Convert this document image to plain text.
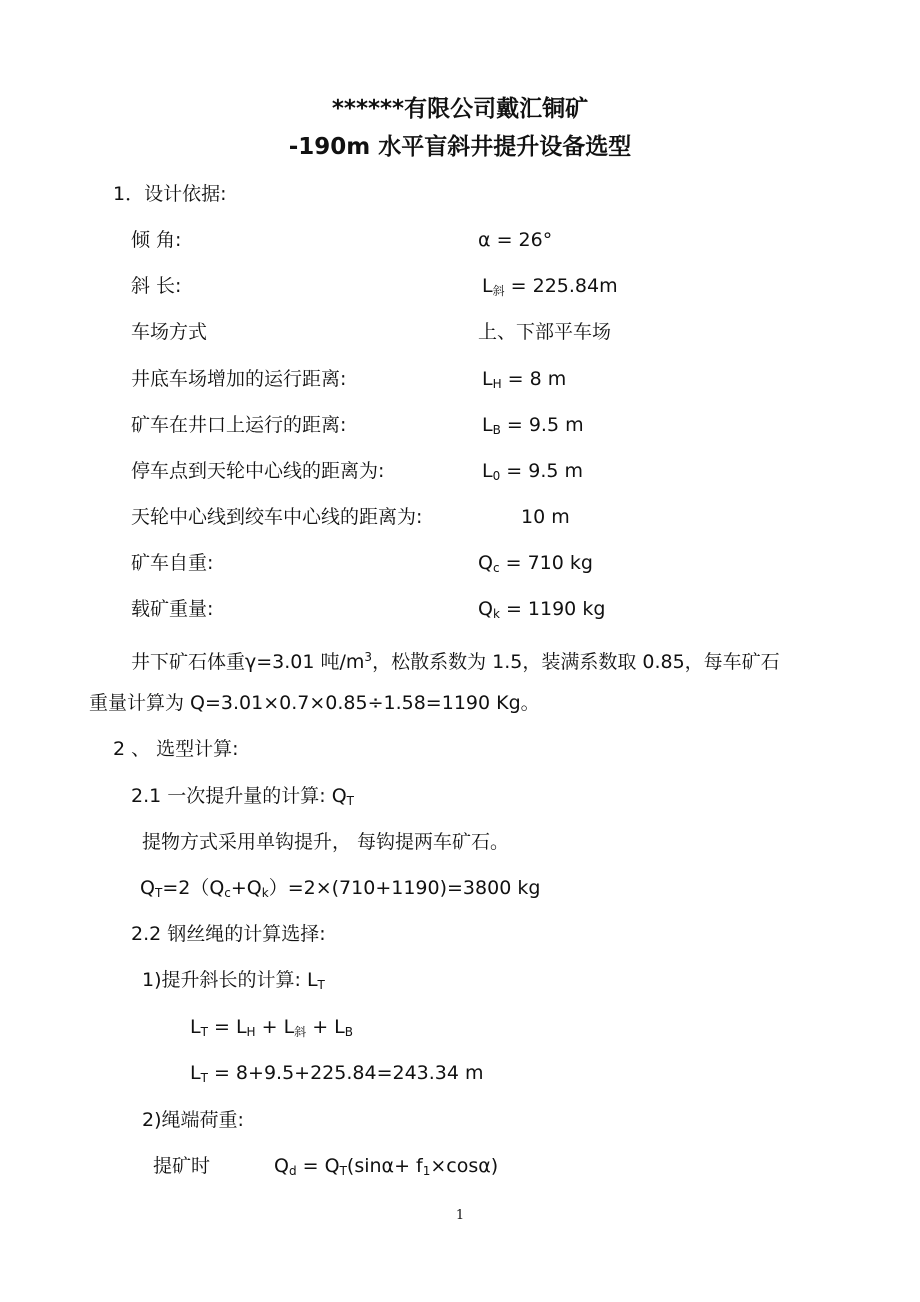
******有限公司戴汇铜矿
-190m 水平盲斜井提升设备选型
1．设计依据:
倾 角:	α = 26°
斜 长:	$L_斜 = 225.84m$
车场方式	上、下部平车场
井底车场增加的运行距离:	$L_H = 8$ m
矿车在井口上运行的距离:	$L_B = 9.5$ m
停车点到天轮中心线的距离为:	$L_0 = 9.5$ m
天轮中心线到绞车中心线的距离为:	10 m
矿车自重:	$Q_c = 710$ kg
载矿重量:	$Q_k = 1190$ kg
井下矿石体重γ=3.01 吨$/m^3$，松散系数为 1.5，装满系数取 0.85，每车矿石
重量计算为 Q=3.01×0.7×0.85÷1.58=1190 Kg。
2 、 选型计算:
2.1 一次提升量的计算: $Q_T$
提物方式采用单钩提升， 每钩提两车矿石。
$Q_T=2(Q_c+Q_k)=2\times(710+1190)=3800$ kg
2.2 钢丝绳的计算选择:
1)提升斜长的计算: $L_T$
$L_T = L_H + L_斜 + L_B$
$L_T = 8+9.5+225.84=243.34$ m
2)绳端荷重:
提矿时	$Q_d = Q_T(\sin\alpha+ f_1\times\cos\alpha)$
1
